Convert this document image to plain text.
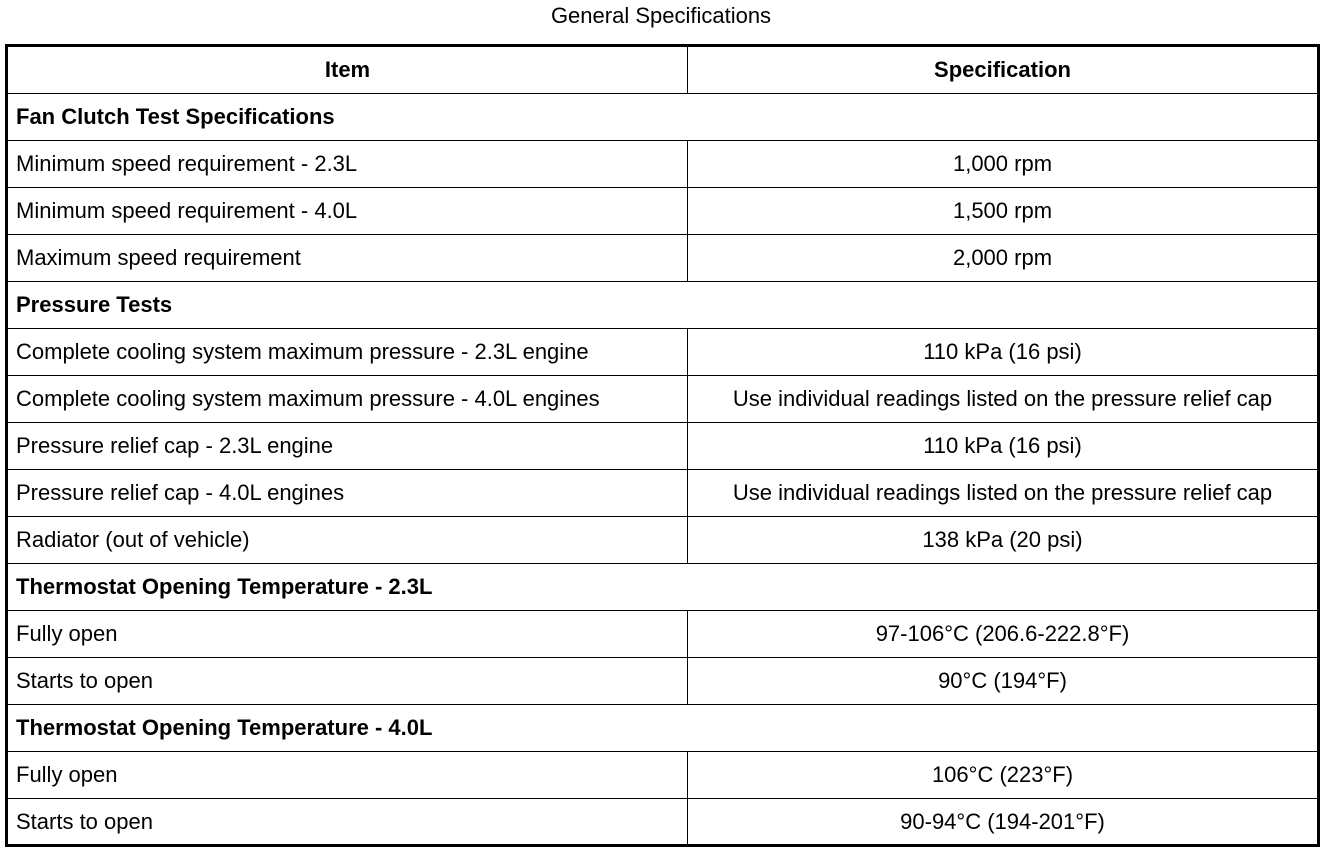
General Specifications
Item	Specification
Fan Clutch Test Specifications	
Minimum speed requirement - 2.3L	1,000 rpm
Minimum speed requirement - 4.0L	1,500 rpm
Maximum speed requirement	2,000 rpm
Pressure Tests	
Complete cooling system maximum pressure - 2.3L engine	110 kPa (16 psi)
Complete cooling system maximum pressure - 4.0L engines	Use individual readings listed on the pressure relief cap
Pressure relief cap - 2.3L engine	110 kPa (16 psi)
Pressure relief cap - 4.0L engines	Use individual readings listed on the pressure relief cap
Radiator (out of vehicle)	138 kPa (20 psi)
Thermostat Opening Temperature - 2.3L	
Fully open	97-106°C (206.6-222.8°F)
Starts to open	90°C (194°F)
Thermostat Opening Temperature - 4.0L	
Fully open	106°C (223°F)
Starts to open	90-94°C (194-201°F)
